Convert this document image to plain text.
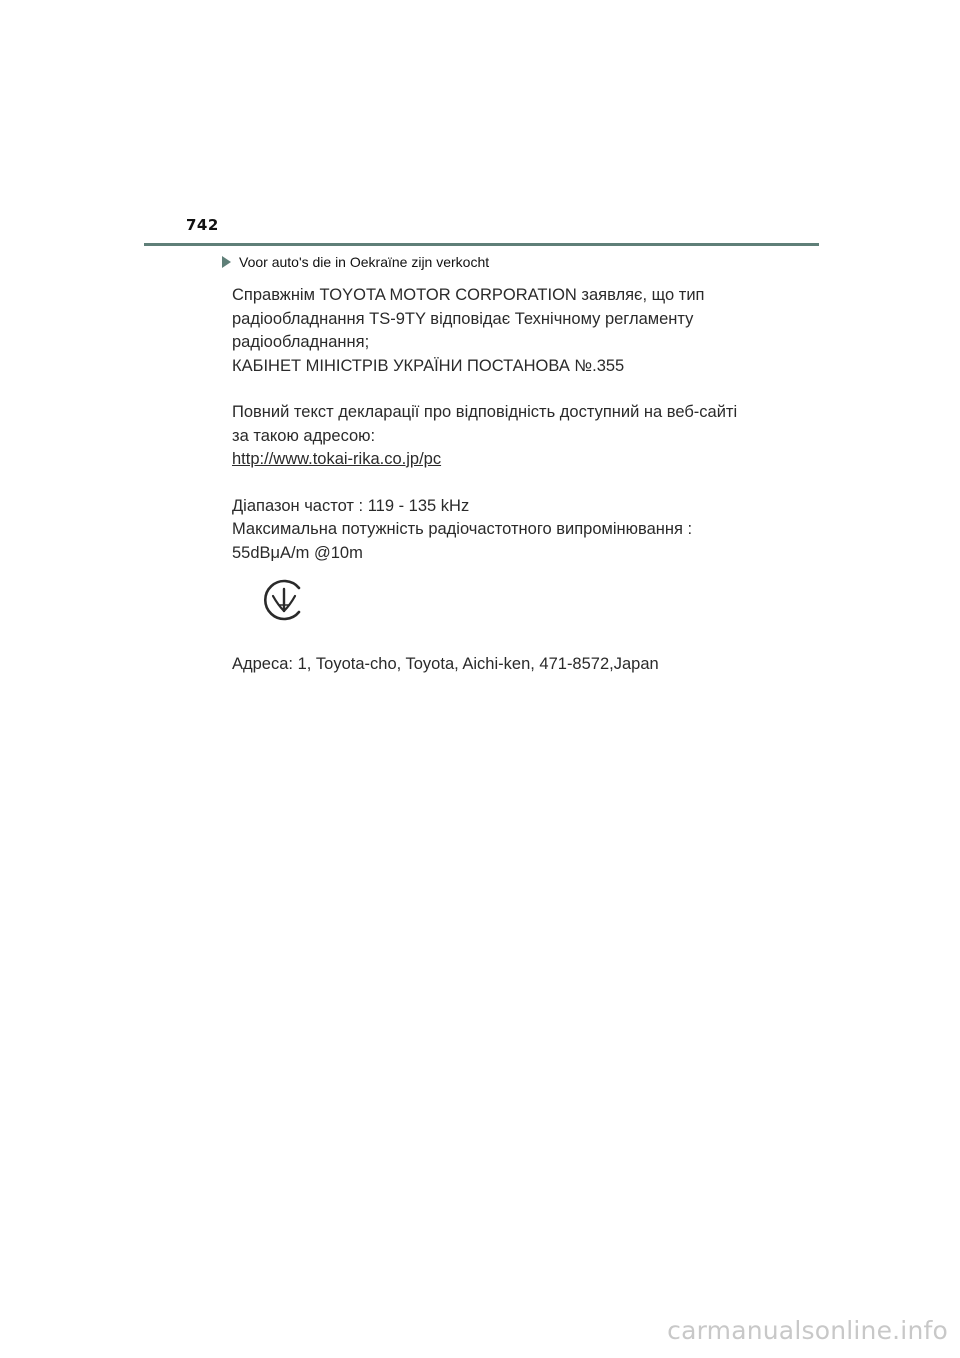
742
Voor auto's die in Oekraïne zijn verkocht

Справжнім TOYOTA MOTOR CORPORATION заявляє, що тип

радіообладнання TS-9TY відповідає Технічному регламенту

радіообладнання;

КАБІНЕТ МІНІСТРІВ УКРАЇНИ ПОСТАНОВА №.355

Повний текст декларації про відповідність доступний на веб-сайті

за такою адресою:

http://www.tokai-rika.co.jp/pc

Діапазон частот : 119 - 135 kHz

Максимальна потужність радіочастотного випромінювання :

55dBμA/m @10m

Адреса: 1, Toyota-cho, Toyota, Aichi-ken, 471-8572,Japan
carmanualsonline.info
